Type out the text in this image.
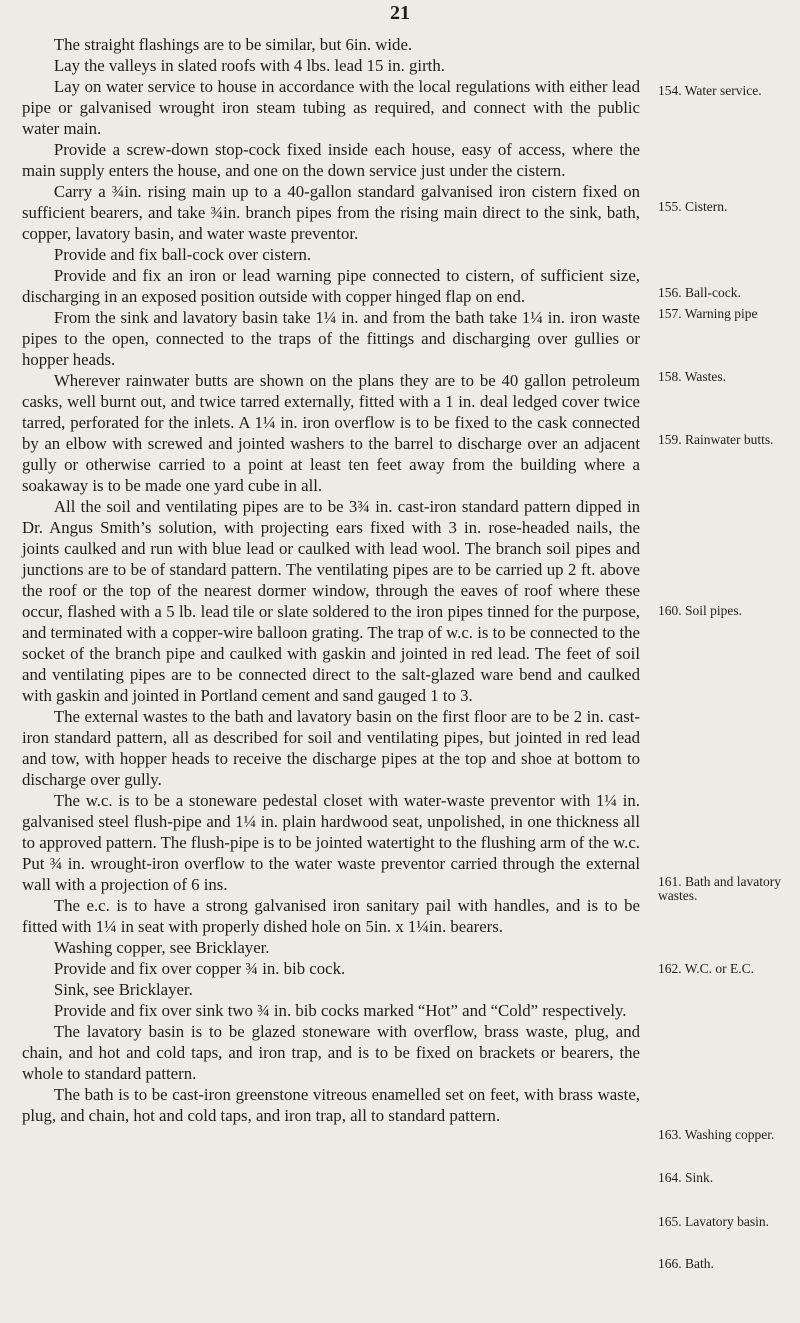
21

The straight flashings are to be similar, but 6in. wide.

Lay the valleys in slated roofs with 4 lbs. lead 15 in. girth.

Lay on water service to house in accordance with the local regulations with either lead pipe or galvanised wrought iron steam tubing as required, and connect with the public water main.

Provide a screw-down stop-cock fixed inside each house, easy of access, where the main supply enters the house, and one on the down service just under the cistern.

Carry a ¾in. rising main up to a 40-gallon standard galvanised iron cistern fixed on sufficient bearers, and take ¾in. branch pipes from the rising main direct to the sink, bath, copper, lavatory basin, and water waste preventor.

Provide and fix ball-cock over cistern.

Provide and fix an iron or lead warning pipe connected to cistern, of sufficient size, discharging in an exposed position outside with copper hinged flap on end.

From the sink and lavatory basin take 1¼ in. and from the bath take 1¼ in. iron waste pipes to the open, connected to the traps of the fittings and discharging over gullies or hopper heads.

Wherever rainwater butts are shown on the plans they are to be 40 gallon petroleum casks, well burnt out, and twice tarred externally, fitted with a 1 in. deal ledged cover twice tarred, perforated for the inlets. A 1¼ in. iron overflow is to be fixed to the cask connected by an elbow with screwed and jointed washers to the barrel to discharge over an adjacent gully or otherwise carried to a point at least ten feet away from the building where a soakaway is to be made one yard cube in all.

All the soil and ventilating pipes are to be 3¾ in. cast-iron standard pattern dipped in Dr. Angus Smith’s solution, with projecting ears fixed with 3 in. rose-headed nails, the joints caulked and run with blue lead or caulked with lead wool. The branch soil pipes and junctions are to be of standard pattern. The ventilating pipes are to be carried up 2 ft. above the roof or the top of the nearest dormer window, through the eaves of roof where these occur, flashed with a 5 lb. lead tile or slate soldered to the iron pipes tinned for the purpose, and terminated with a copper-wire balloon grating. The trap of w.c. is to be connected to the socket of the branch pipe and caulked with gaskin and jointed in red lead. The feet of soil and ventilating pipes are to be connected direct to the salt-glazed ware bend and caulked with gaskin and jointed in Portland cement and sand gauged 1 to 3.

The external wastes to the bath and lavatory basin on the first floor are to be 2 in. cast-iron standard pattern, all as described for soil and ventilating pipes, but jointed in red lead and tow, with hopper heads to receive the discharge pipes at the top and shoe at bottom to discharge over gully.

The w.c. is to be a stoneware pedestal closet with water-waste preventor with 1¼ in. galvanised steel flush-pipe and 1¼ in. plain hardwood seat, unpolished, in one thickness all to approved pattern. The flush-pipe is to be jointed watertight to the flushing arm of the w.c. Put ¾ in. wrought-iron overflow to the water waste preventor carried through the external wall with a projection of 6 ins.

The e.c. is to have a strong galvanised iron sanitary pail with handles, and is to be fitted with 1¼ in seat with properly dished hole on 5in. x 1¼in. bearers.

Washing copper, see Bricklayer.

Provide and fix over copper ¾ in. bib cock.

Sink, see Bricklayer.

Provide and fix over sink two ¾ in. bib cocks marked “Hot” and “Cold” respectively.

The lavatory basin is to be glazed stoneware with overflow, brass waste, plug, and chain, and hot and cold taps, and iron trap, and is to be fixed on brackets or bearers, the whole to standard pattern.

The bath is to be cast-iron greenstone vitreous enamelled set on feet, with brass waste, plug, and chain, hot and cold taps, and iron trap, all to standard pattern.

154. Water service.
155. Cistern.
156. Ball-cock.
157. Warning pipe
158. Wastes.
159. Rainwater butts.
160. Soil pipes.
161. Bath and lavatory wastes.
162. W.C. or E.C.
163. Washing copper.
164. Sink.
165. Lavatory basin.
166. Bath.
